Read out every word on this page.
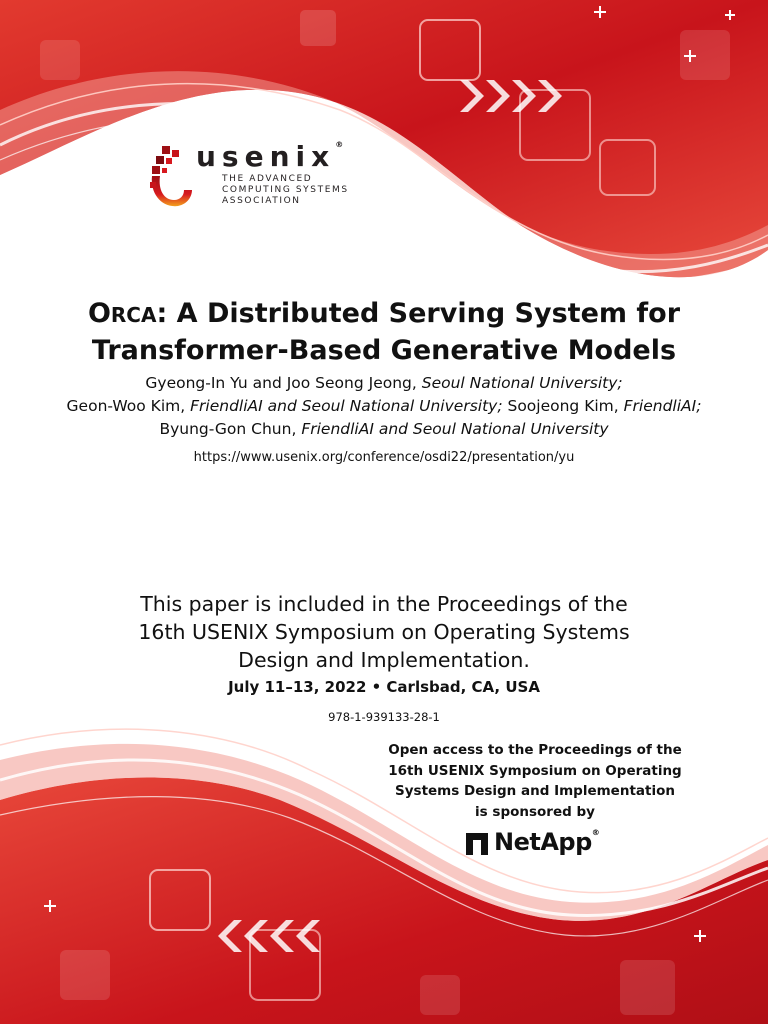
usenix®
THE ADVANCED
COMPUTING SYSTEMS
ASSOCIATION
ORCA: A Distributed Serving System for
Transformer-Based Generative Models
Gyeong-In Yu and Joo Seong Jeong, Seoul National University;
Geon-Woo Kim, FriendliAI and Seoul National University; Soojeong Kim, FriendliAI;
Byung-Gon Chun, FriendliAI and Seoul National University
https://www.usenix.org/conference/osdi22/presentation/yu
This paper is included in the Proceedings of the
16th USENIX Symposium on Operating Systems
Design and Implementation.
July 11–13, 2022 • Carlsbad, CA, USA
978-1-939133-28-1
Open access to the Proceedings of the
16th USENIX Symposium on Operating
Systems Design and Implementation
is sponsored by
NetApp®
